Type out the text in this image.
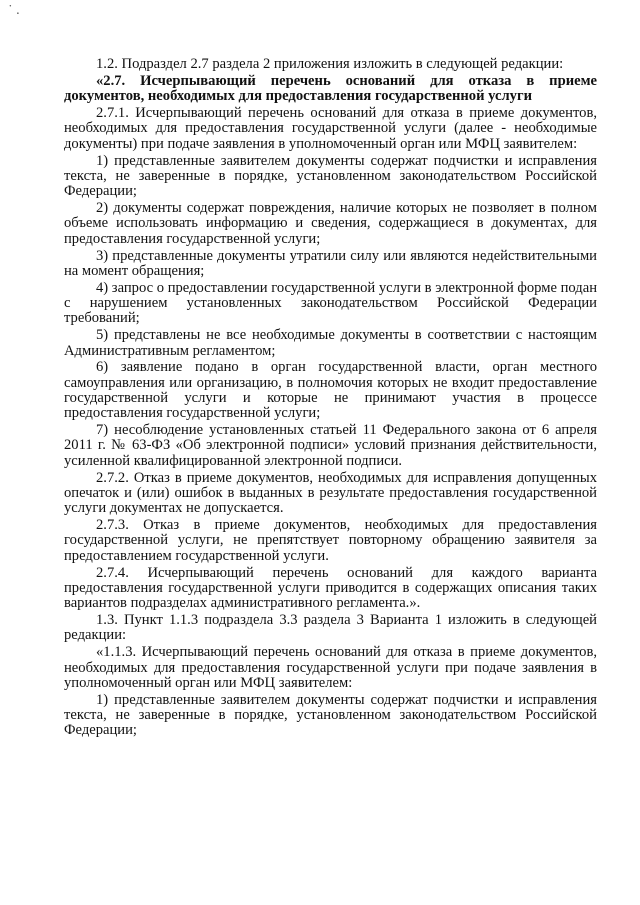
˙ .

1.2. Подраздел 2.7 раздела 2 приложения изложить в следующей редакции:

«2.7. Исчерпывающий перечень оснований для отказа в приеме документов, необходимых для предоставления государственной услуги

2.7.1. Исчерпывающий перечень оснований для отказа в приеме документов, необходимых для предоставления государственной услуги (далее - необходимые документы) при подаче заявления в уполномоченный орган или МФЦ заявителем:

1) представленные заявителем документы содержат подчистки и исправления текста, не заверенные в порядке, установленном законодательством Российской Федерации;

2) документы содержат повреждения, наличие которых не позволяет в полном объеме использовать информацию и сведения, содержащиеся в документах, для предоставления государственной услуги;

3) представленные документы утратили силу или являются недействительными на момент обращения;

4) запрос о предоставлении государственной услуги в электронной форме подан с нарушением установленных законодательством Российской Федерации требований;

5) представлены не все необходимые документы в соответствии с настоящим Административным регламентом;

6) заявление подано в орган государственной власти, орган местного самоуправления или организацию, в полномочия которых не входит предоставление государственной услуги и которые не принимают участия в процессе предоставления государственной услуги;

7) несоблюдение установленных статьей 11 Федерального закона от 6 апреля 2011 г. № 63-ФЗ «Об электронной подписи» условий признания действительности, усиленной квалифицированной электронной подписи.

2.7.2. Отказ в приеме документов, необходимых для исправления допущенных опечаток и (или) ошибок в выданных в результате предоставления государственной услуги документах не допускается.

2.7.3. Отказ в приеме документов, необходимых для предоставления государственной услуги, не препятствует повторному обращению заявителя за предоставлением государственной услуги.

2.7.4. Исчерпывающий перечень оснований для каждого варианта предоставления государственной услуги приводится в содержащих описания таких вариантов подразделах административного регламента.».

1.3. Пункт 1.1.3 подраздела 3.3 раздела 3 Варианта 1 изложить в следующей редакции:

«1.1.3. Исчерпывающий перечень оснований для отказа в приеме документов, необходимых для предоставления государственной услуги при подаче заявления в уполномоченный орган или МФЦ заявителем:

1) представленные заявителем документы содержат подчистки и исправления текста, не заверенные в порядке, установленном законодательством Российской Федерации;
